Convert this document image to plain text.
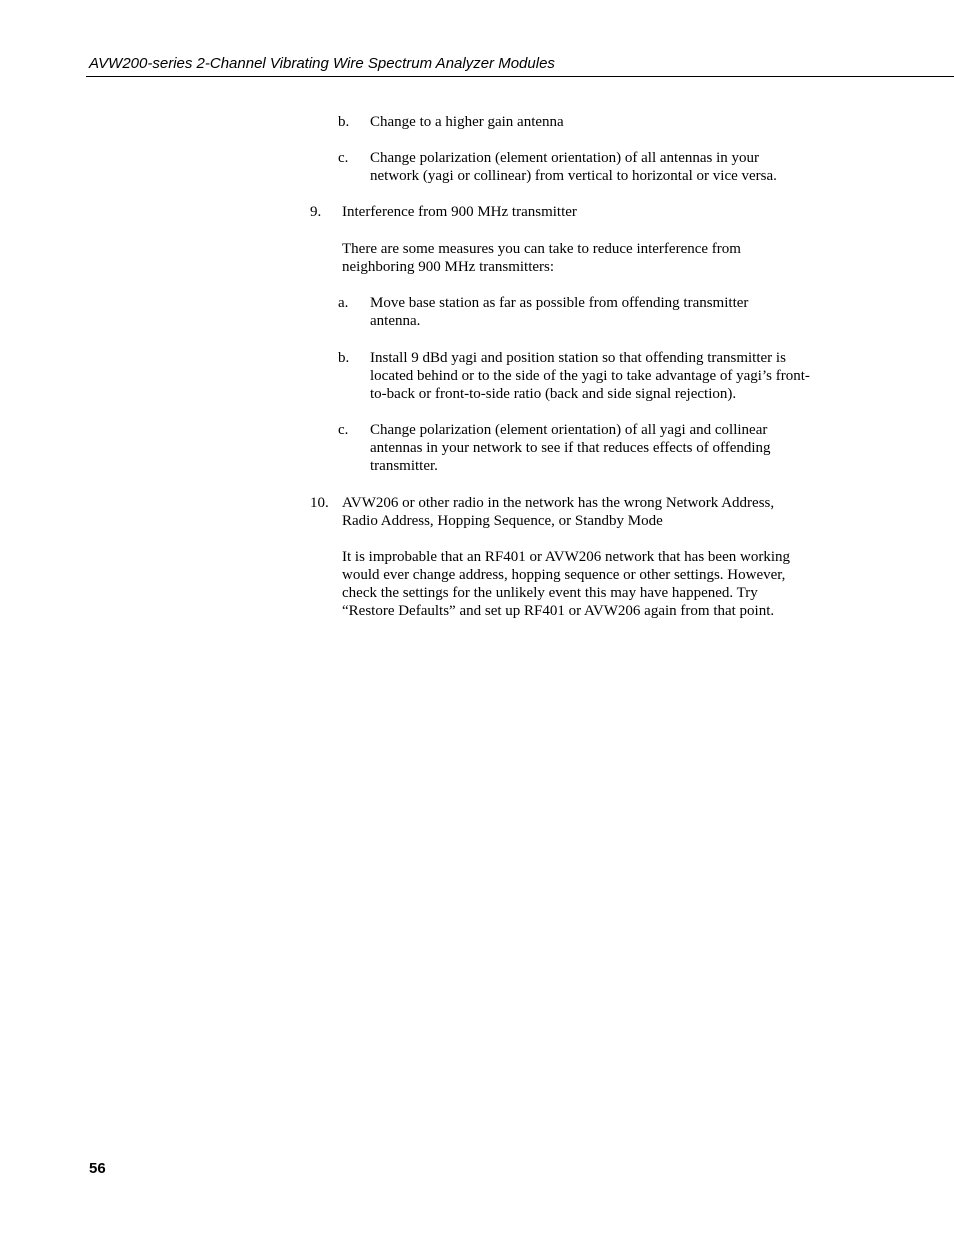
AVW200-series 2-Channel Vibrating Wire Spectrum Analyzer Modules
b. Change to a higher gain antenna
c. Change polarization (element orientation) of all antennas in your network (yagi or collinear) from vertical to horizontal or vice versa.
9. Interference from 900 MHz transmitter
There are some measures you can take to reduce interference from neighboring 900 MHz transmitters:
a. Move base station as far as possible from offending transmitter antenna.
b. Install 9 dBd yagi and position station so that offending transmitter is located behind or to the side of the yagi to take advantage of yagi’s front-to-back or front-to-side ratio (back and side signal rejection).
c. Change polarization (element orientation) of all yagi and collinear antennas in your network to see if that reduces effects of offending transmitter.
10. AVW206 or other radio in the network has the wrong Network Address, Radio Address, Hopping Sequence, or Standby Mode
It is improbable that an RF401 or AVW206 network that has been working would ever change address, hopping sequence or other settings. However, check the settings for the unlikely event this may have happened. Try “Restore Defaults” and set up RF401 or AVW206 again from that point.
56
